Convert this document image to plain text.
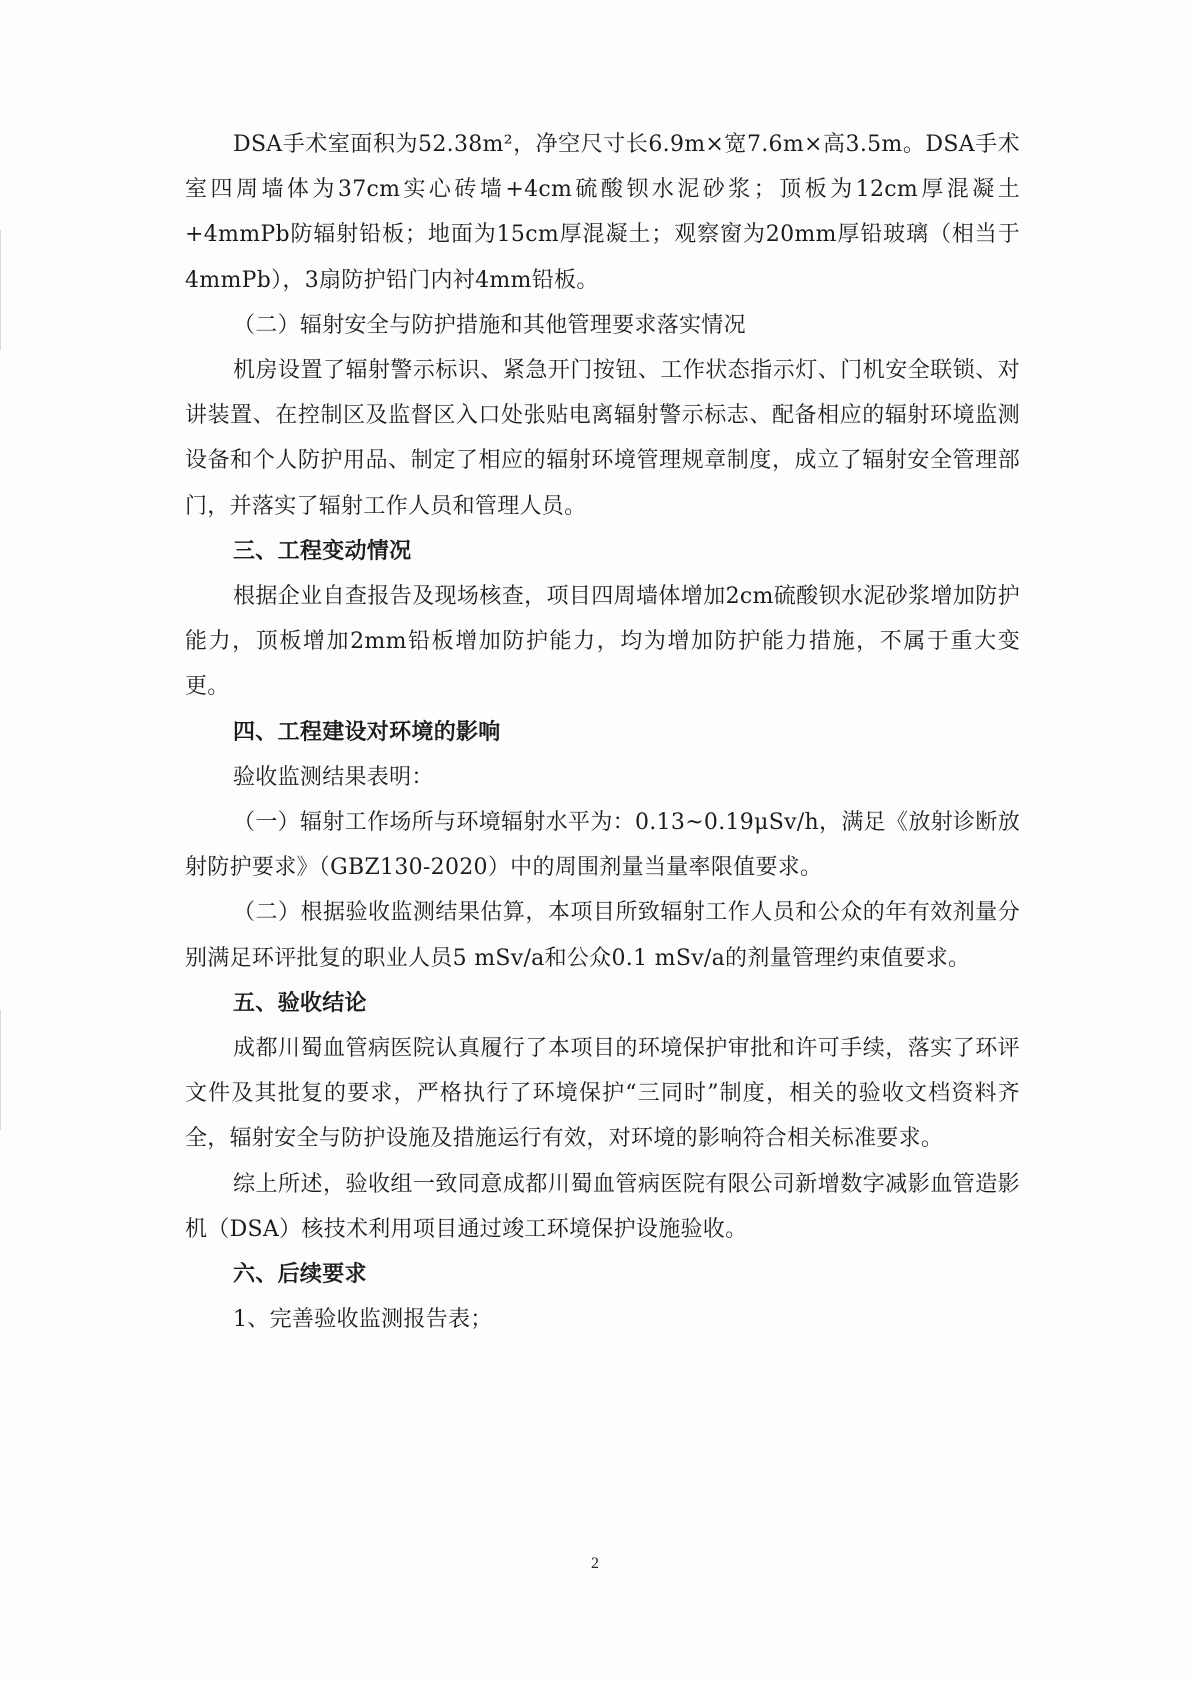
DSA手术室面积为52.38m²，净空尺寸长6.9m×宽7.6m×高3.5m。DSA手术室四周墙体为37cm实心砖墙+4cm硫酸钡水泥砂浆；顶板为12cm厚混凝土+4mmPb防辐射铅板；地面为15cm厚混凝土；观察窗为20mm厚铅玻璃（相当于4mmPb），3扇防护铅门内衬4mm铅板。

（二）辐射安全与防护措施和其他管理要求落实情况

机房设置了辐射警示标识、紧急开门按钮、工作状态指示灯、门机安全联锁、对讲装置、在控制区及监督区入口处张贴电离辐射警示标志、配备相应的辐射环境监测设备和个人防护用品、制定了相应的辐射环境管理规章制度，成立了辐射安全管理部门，并落实了辐射工作人员和管理人员。

三、工程变动情况

根据企业自查报告及现场核查，项目四周墙体增加2cm硫酸钡水泥砂浆增加防护能力，顶板增加2mm铅板增加防护能力，均为增加防护能力措施，不属于重大变更。

四、工程建设对环境的影响

验收监测结果表明：

（一）辐射工作场所与环境辐射水平为：0.13~0.19μSv/h，满足《放射诊断放射防护要求》（GBZ130-2020）中的周围剂量当量率限值要求。

（二）根据验收监测结果估算，本项目所致辐射工作人员和公众的年有效剂量分别满足环评批复的职业人员5 mSv/a和公众0.1 mSv/a的剂量管理约束值要求。

五、验收结论

成都川蜀血管病医院认真履行了本项目的环境保护审批和许可手续，落实了环评文件及其批复的要求，严格执行了环境保护“三同时”制度，相关的验收文档资料齐全，辐射安全与防护设施及措施运行有效，对环境的影响符合相关标准要求。

综上所述，验收组一致同意成都川蜀血管病医院有限公司新增数字减影血管造影机（DSA）核技术利用项目通过竣工环境保护设施验收。

六、后续要求

1、完善验收监测报告表；

2
